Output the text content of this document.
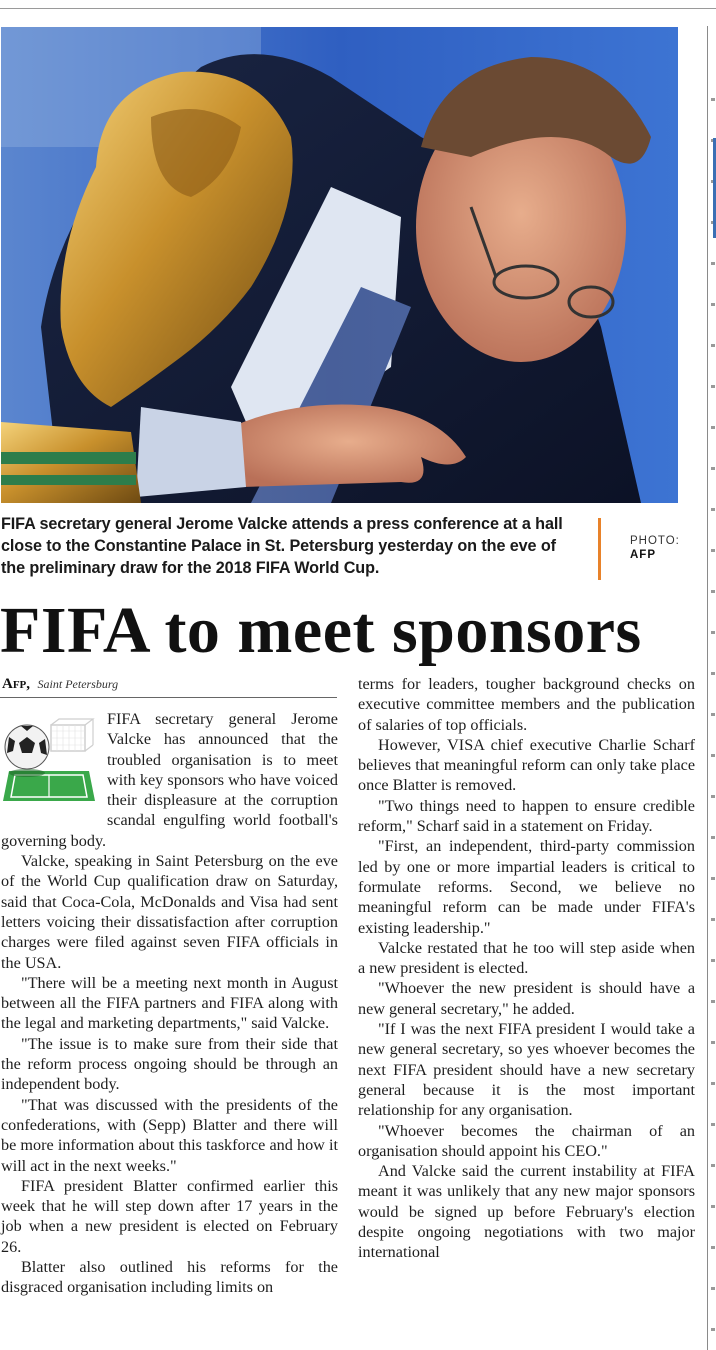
FIFA secretary general Jerome Valcke attends a press conference at a hall close to the Constantine Palace in St. Petersburg yesterday on the eve of the preliminary draw for the 2018 FIFA World Cup.
PHOTO:
AFP
FIFA to meet sponsors
Afp, Saint Petersburg

FIFA secretary general Jerome Valcke has announced that the troubled organisation is to meet with key sponsors who have voiced their displeasure at the corruption scandal engulfing world football's governing body.

Valcke, speaking in Saint Petersburg on the eve of the World Cup qualification draw on Saturday, said that Coca-Cola, McDonalds and Visa had sent letters voicing their dissatisfaction after corruption charges were filed against seven FIFA officials in the USA.

"There will be a meeting next month in August between all the FIFA partners and FIFA along with the legal and marketing departments," said Valcke.

"The issue is to make sure from their side that the reform process ongoing should be through an independent body.

"That was discussed with the presidents of the confederations, with (Sepp) Blatter and there will be more information about this taskforce and how it will act in the next weeks."

FIFA president Blatter confirmed earlier this week that he will step down after 17 years in the job when a new president is elected on February 26.

Blatter also outlined his reforms for the disgraced organisation including limits on

terms for leaders, tougher background checks on executive committee members and the publication of salaries of top officials.

However, VISA chief executive Charlie Scharf believes that meaningful reform can only take place once Blatter is removed.

"Two things need to happen to ensure credible reform," Scharf said in a statement on Friday.

"First, an independent, third-party commission led by one or more impartial leaders is critical to formulate reforms. Second, we believe no meaningful reform can be made under FIFA's existing leadership."

Valcke restated that he too will step aside when a new president is elected.

"Whoever the new president is should have a new general secretary," he added.

"If I was the next FIFA president I would take a new general secretary, so yes whoever becomes the next FIFA president should have a new secretary general because it is the most important relationship for any organisation.

"Whoever becomes the chairman of an organisation should appoint his CEO."

And Valcke said the current instability at FIFA meant it was unlikely that any new major sponsors would be signed up before February's election despite ongoing negotiations with two major international
